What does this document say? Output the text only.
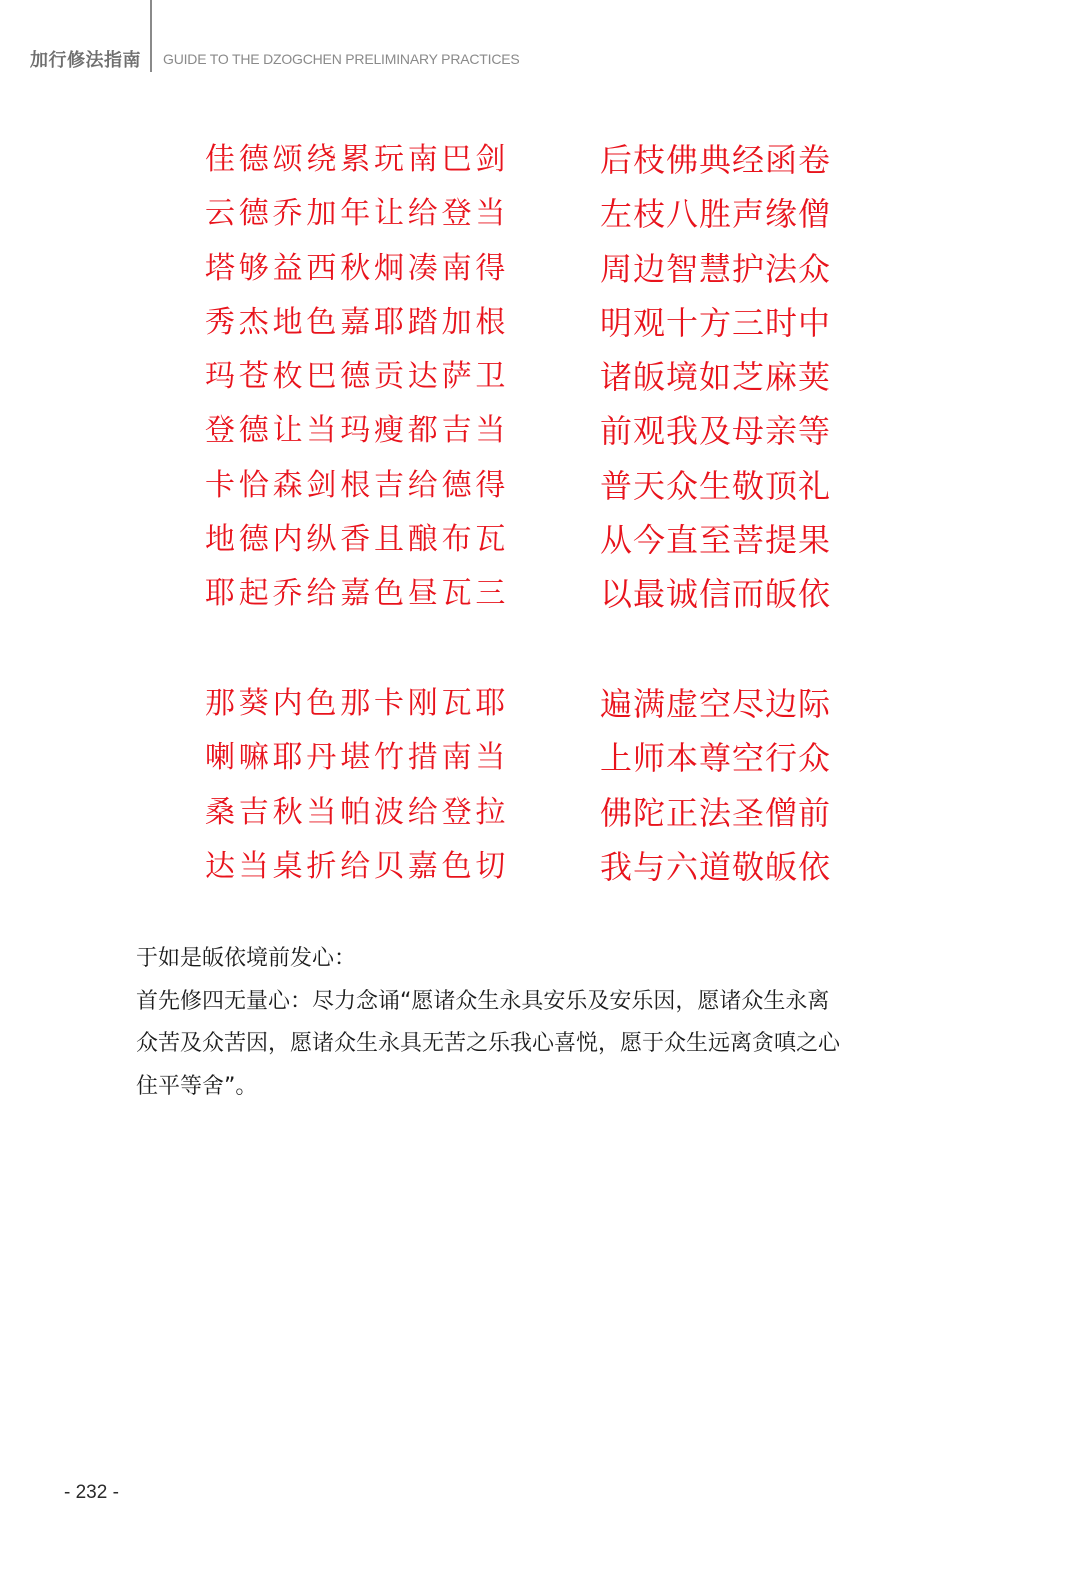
加行修法指南 GUIDE TO THE DZOGCHEN PRELIMINARY PRACTICES
佳德颂绕累玩南巴剑	后枝佛典经函卷
云德乔加年让给登当	左枝八胜声缘僧
塔够益西秋炯凑南得	周边智慧护法众
秀杰地色嘉耶踏加根	明观十方三时中
玛苍枚巴德贡达萨卫	诸皈境如芝麻荚
登德让当玛瘦都吉当	前观我及母亲等
卡恰森剑根吉给德得	普天众生敬顶礼
地德内纵香且酿布瓦	从今直至菩提果
耶起乔给嘉色昼瓦三	以最诚信而皈依
那葵内色那卡刚瓦耶	遍满虚空尽边际
喇嘛耶丹堪竹措南当	上师本尊空行众
桑吉秋当帕波给登拉	佛陀正法圣僧前
达当桌折给贝嘉色切	我与六道敬皈依

于如是皈依境前发心：

首先修四无量心：尽力念诵“愿诸众生永具安乐及安乐因，愿诸众生永离

众苦及众苦因，愿诸众生永具无苦之乐我心喜悦，愿于众生远离贪嗔之心

住平等舍”。

- 232 -
